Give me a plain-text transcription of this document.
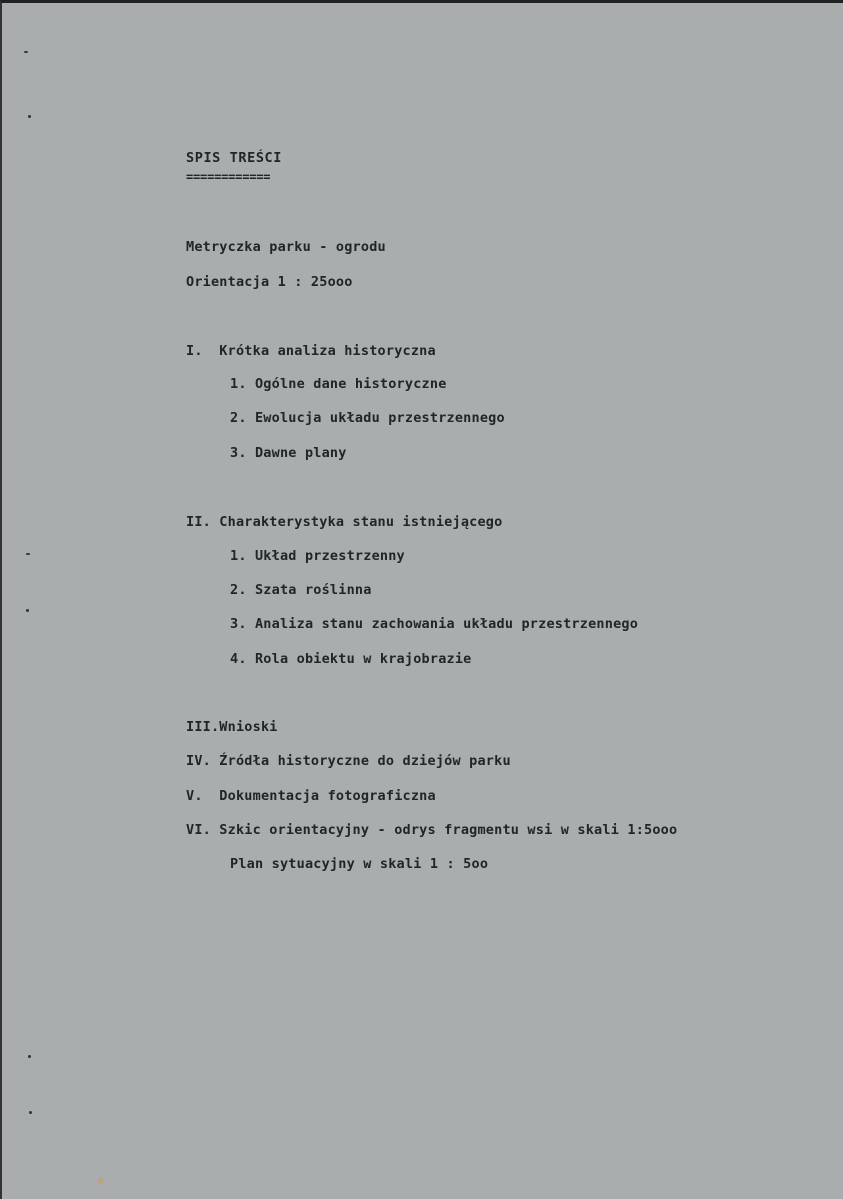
SPIS TREŚCI
============
Metryczka parku - ogrodu
Orientacja 1 : 25ooo
I.  Krótka analiza historyczna
1. Ogólne dane historyczne
2. Ewolucja układu przestrzennego
3. Dawne plany
II. Charakterystyka stanu istniejącego
1. Układ przestrzenny
2. Szata roślinna
3. Analiza stanu zachowania układu przestrzennego
4. Rola obiektu w krajobrazie
III.Wnioski
IV. Źródła historyczne do dziejów parku
V.  Dokumentacja fotograficzna
VI. Szkic orientacyjny - odrys fragmentu wsi w skali 1:5ooo
Plan sytuacyjny w skali 1 : 5oo
